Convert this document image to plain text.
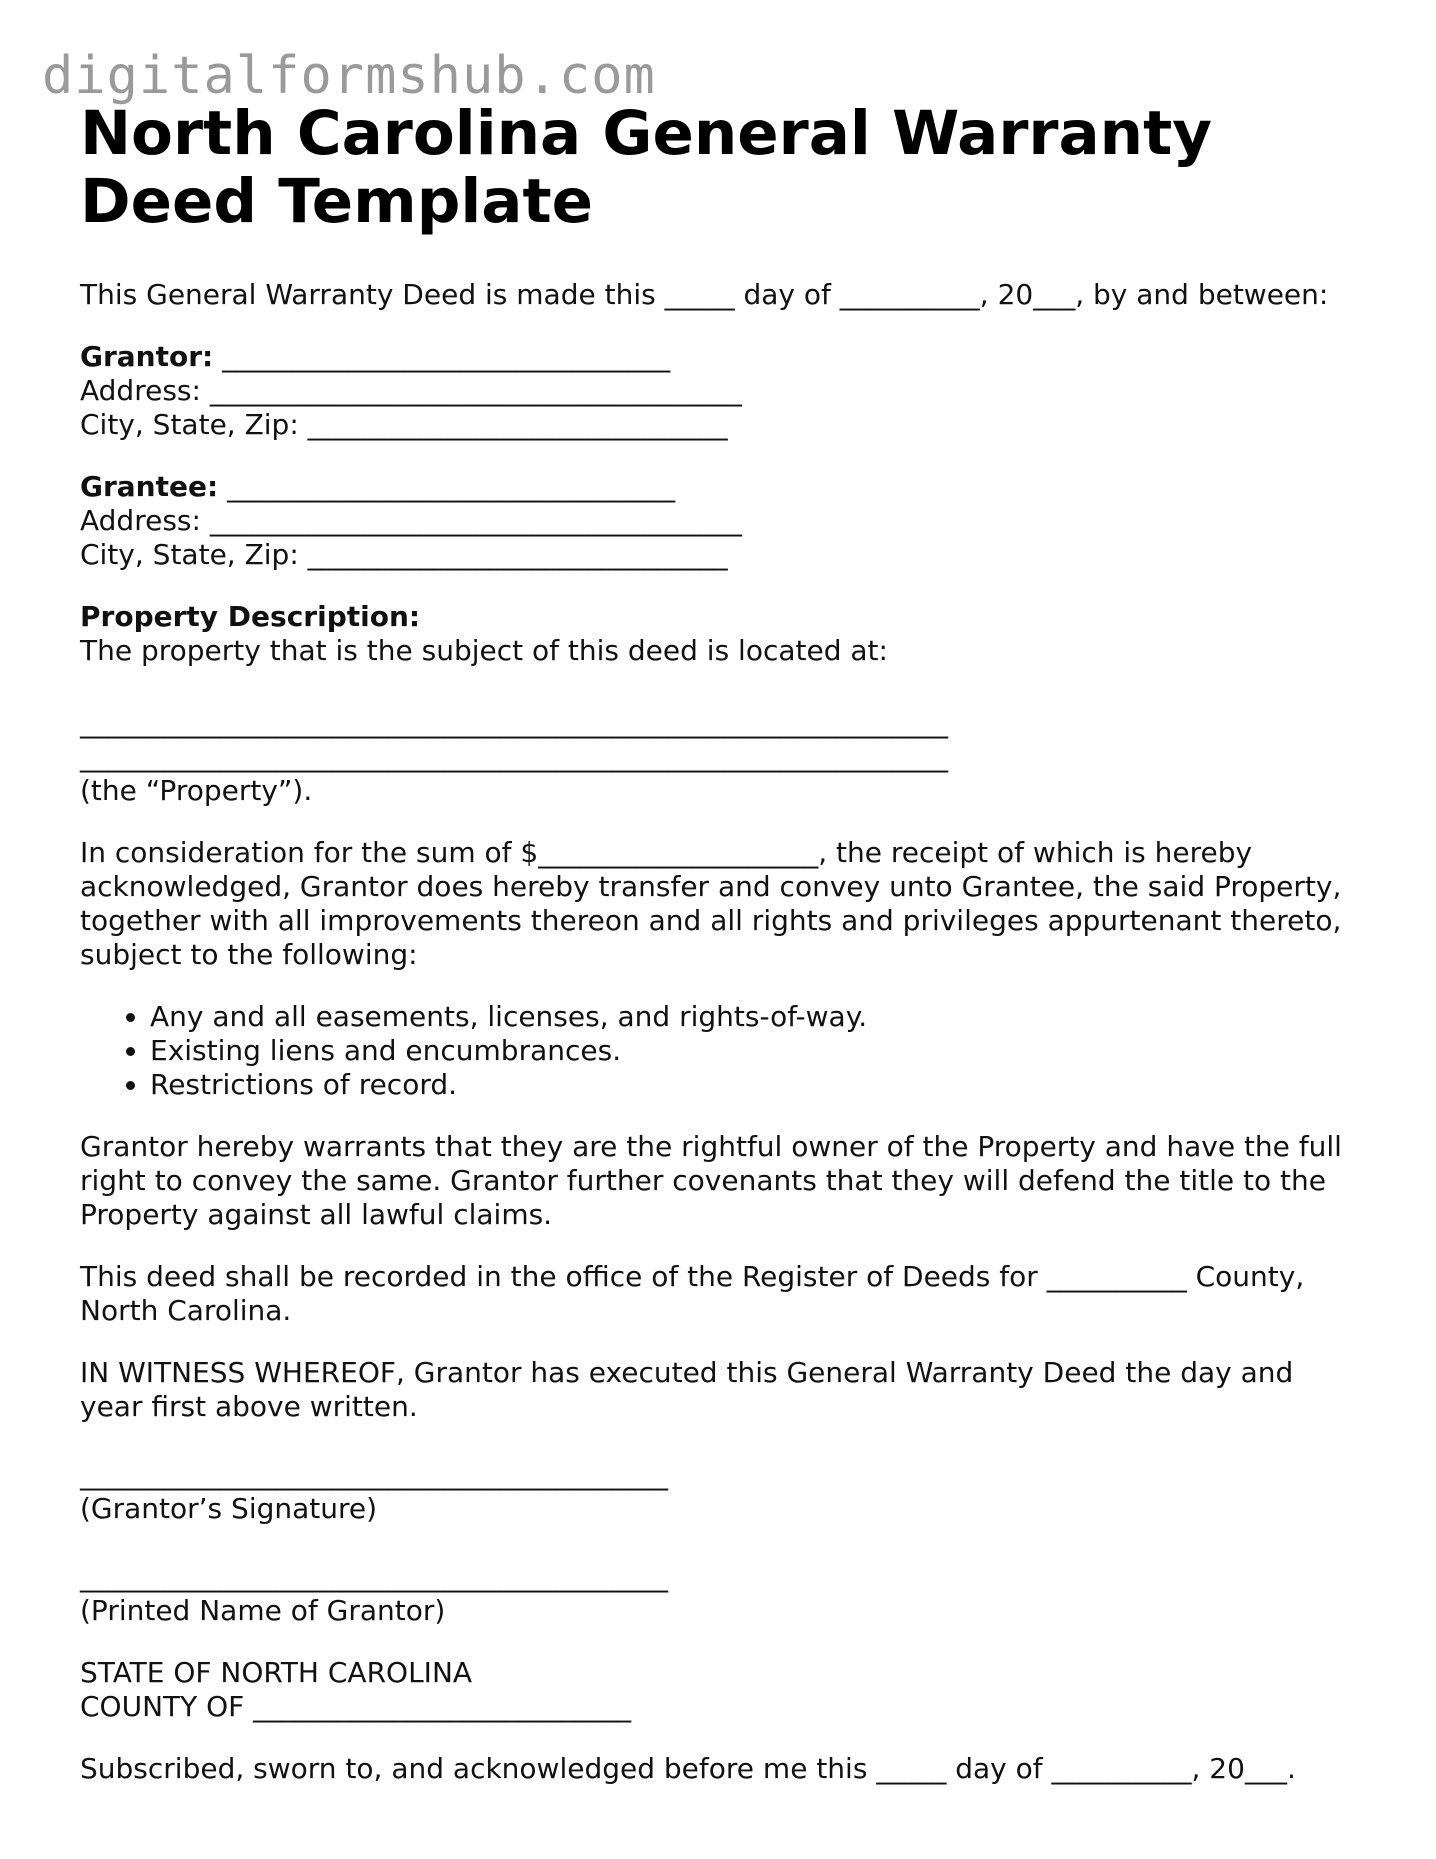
digitalformshub.com
North Carolina General Warranty Deed Template

This General Warranty Deed is made this _____ day of __________, 20___, by and between:

Grantor: ________________________________

Address: ______________________________________

City, State, Zip: ______________________________

Grantee: ________________________________

Address: ______________________________________

City, State, Zip: ______________________________

Property Description:

The property that is the subject of this deed is located at:

______________________________________________________________

______________________________________________________________

(the “Property”).

In consideration for the sum of $____________________, the receipt of which is hereby

acknowledged, Grantor does hereby transfer and convey unto Grantee, the said Property,

together with all improvements thereon and all rights and privileges appurtenant thereto,

subject to the following:

• Any and all easements, licenses, and rights-of-way.
• Existing liens and encumbrances.
• Restrictions of record.

Grantor hereby warrants that they are the rightful owner of the Property and have the full

right to convey the same. Grantor further covenants that they will defend the title to the

Property against all lawful claims.

This deed shall be recorded in the office of the Register of Deeds for __________ County,

North Carolina.

IN WITNESS WHEREOF, Grantor has executed this General Warranty Deed the day and

year first above written.

__________________________________________

(Grantor’s Signature)

__________________________________________

(Printed Name of Grantor)

STATE OF NORTH CAROLINA

COUNTY OF ___________________________

Subscribed, sworn to, and acknowledged before me this _____ day of __________, 20___.
